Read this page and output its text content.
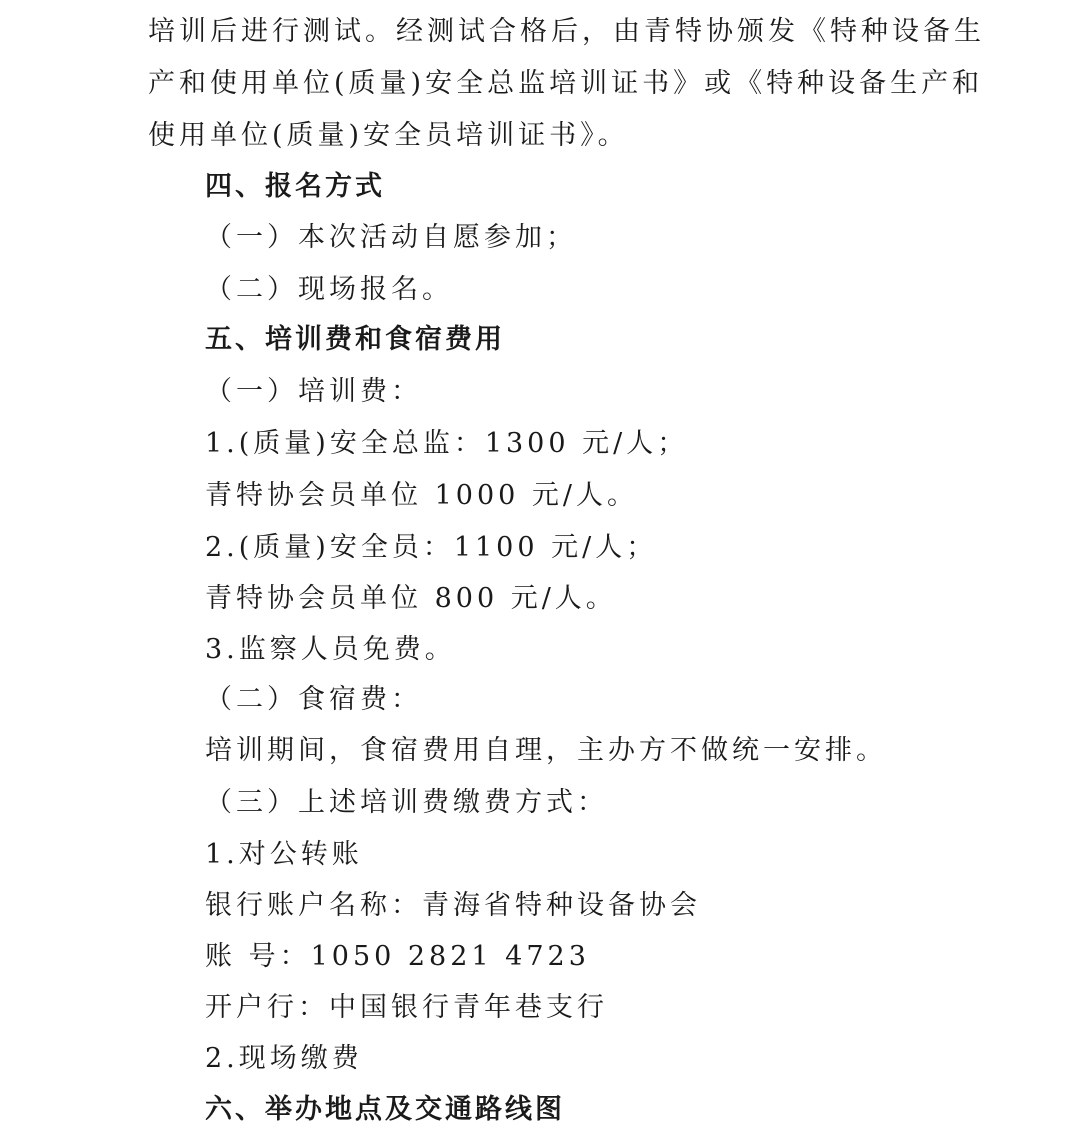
培训后进行测试。经测试合格后，由青特协颁发《特种设备生
产和使用单位(质量)安全总监培训证书》或《特种设备生产和
使用单位(质量)安全员培训证书》。
四、报名方式
（一）本次活动自愿参加；
（二）现场报名。
五、培训费和食宿费用
（一）培训费：
1.(质量)安全总监：1300 元/人；
青特协会员单位 1000 元/人。
2.(质量)安全员：1100 元/人；
青特协会员单位 800 元/人。
3.监察人员免费。
（二）食宿费：
培训期间，食宿费用自理，主办方不做统一安排。
（三）上述培训费缴费方式：
1.对公转账
银行账户名称：青海省特种设备协会
账 号：1050 2821 4723
开户行：中国银行青年巷支行
2.现场缴费
六、举办地点及交通路线图
